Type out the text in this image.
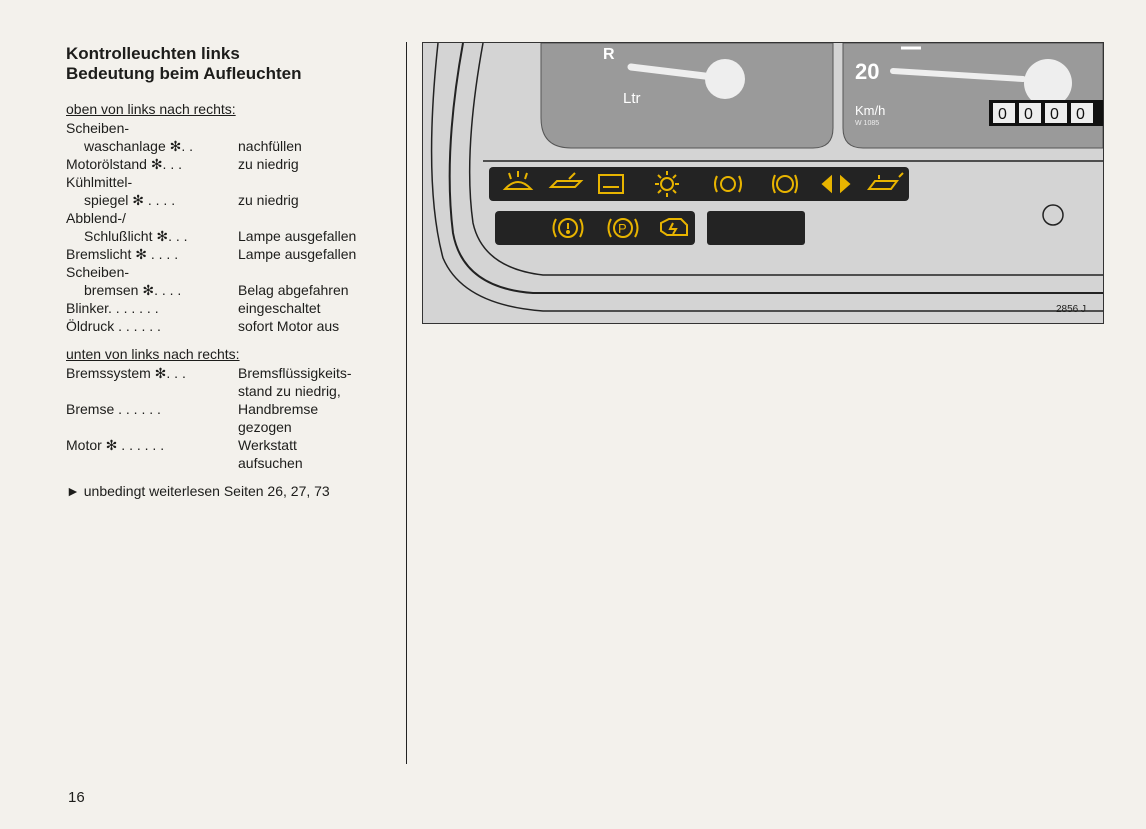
Kontrolleuchten links
Bedeutung beim Aufleuchten
oben von links nach rechts:
Scheiben-
waschanlage ✻. .	nachfüllen
Motorölstand ✻. . .	zu niedrig
Kühlmittel-
spiegel ✻ . . . .	zu niedrig
Abblend-/
Schlußlicht ✻. . .	Lampe ausgefallen
Bremslicht ✻ . . . .	Lampe ausgefallen
Scheiben-
bremsen ✻. . . .	Belag abgefahren
Blinker. . . . . . .	eingeschaltet
Öldruck . . . . . .	sofort Motor aus
unten von links nach rechts:
Bremssystem ✻. . .	Bremsflüssigkeits-
stand zu niedrig,
Bremse . . . . . .	Handbremse
gezogen
Motor ✻ . . . . . .	Werkstatt
aufsuchen
► unbedingt weiterlesen Seiten 26, 27, 73
16
R
Ltr
20
Km/h
W 1085
0 0 0 0
P
2856 J
